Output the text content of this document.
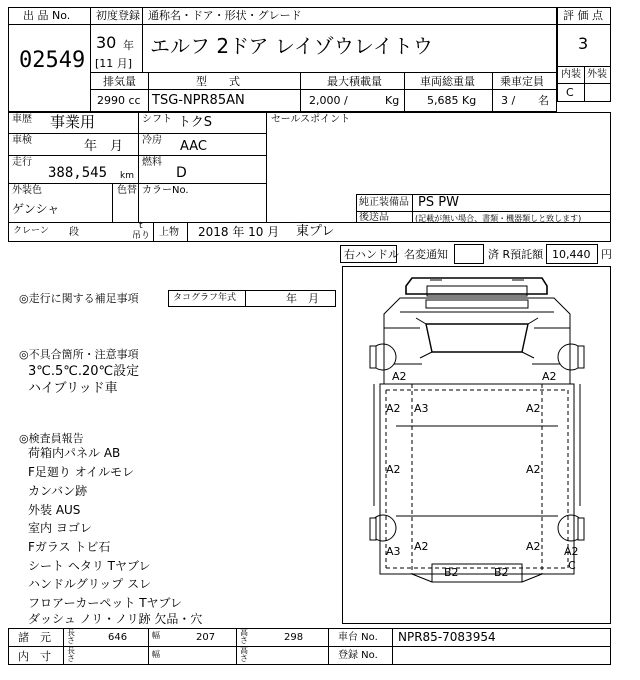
出 品 No.
02549
初度登録 通称名・ドア・形状・グレード
30 年
[11 月]
エルフ 2ドア レイゾウレイトウ
評 価 点
3
内装 外装
C
排気量	型　　式	最大積載量	車両総重量 乗車定員
2990 cc TSG-NPR85AN	2,000 /	Kg	5,685 Kg 3 / 名
車歴 事業用	シフト トクS
車検	年　月 冷房 AAC
走行
388,545 km
燃料
D
外装色
ゲンシャ
色替 カラーNo.
セールスポイント
純正装備品 PS PW
後送品	(記載が無い場合、書類・機器類しと致します)
クレーン 段
t
吊り 上物 2018 年 10 月 東プレ
右ハンドル 名変通知	済 R預託額 10,440 円
◎走行に関する補足事項	タコグラフ年式	年　月
◎不具合箇所・注意事項
3℃.5℃.20℃設定
ハイブリッド車
◎検査員報告
荷箱内パネル AB
F足廻り オイルモレ
カンバン跡
外装 AUS
室内 ヨゴレ
Fガラス トビ石
シート ヘタリ Tヤブレ
ハンドルグリップ スレ
フロアーカーペット Tヤブレ
ダッシュ ノリ・ノリ跡 欠品・穴
A2	A2
A2 A3	A2
A2	A2
A2
A3	A2 A2
C
B2	B2
諸　元 長さ	646	幅	207	高さ	298	車台 No. NPR85-7083954
内　寸 長さ	幅	高さ	登録 No.
